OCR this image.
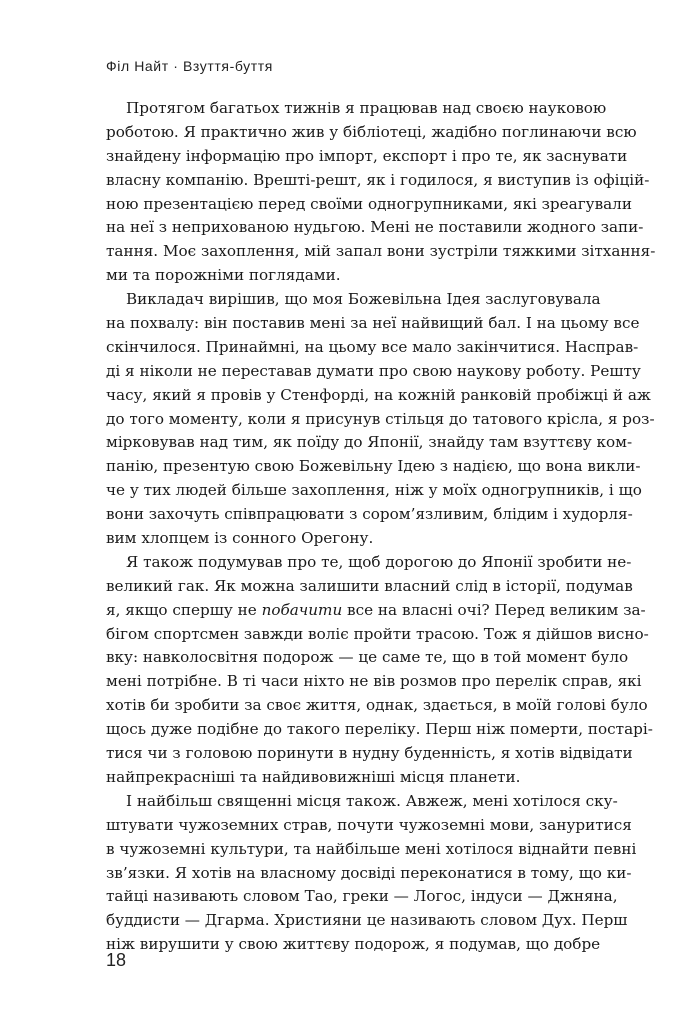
Філ Найт · Взуття-буття
Протягом багатьох тижнів я працював над своєю науковою
роботою. Я практично жив у бібліотеці, жадібно поглинаючи всю
знайдену інформацію про імпорт, експорт і про те, як заснувати
власну компанію. Врешті-решт, як і годилося, я виступив із офіцій-
ною презентацією перед своїми одногрупниками, які зреагували
на неї з неприхованою нудьгою. Мені не поставили жодного запи-
тання. Моє захоплення, мій запал вони зустріли тяжкими зітхання-
ми та порожніми поглядами.
Викладач вирішив, що моя Божевільна Ідея заслуговувала
на похвалу: він поставив мені за неї найвищий бал. І на цьому все
скінчилося. Принаймні, на цьому все мало закінчитися. Насправ-
ді я ніколи не переставав думати про свою наукову роботу. Решту
часу, який я провів у Стенфорді, на кожній ранковій пробіжці й аж
до того моменту, коли я присунув стільця до татового крісла, я роз-
мірковував над тим, як поїду до Японії, знайду там взуттєву ком-
панію, презентую свою Божевільну Ідею з надією, що вона викли-
че у тих людей більше захоплення, ніж у моїх одногрупників, і що
вони захочуть співпрацювати з сором’язливим, блідим і худорля-
вим хлопцем із сонного Орегону.
Я також подумував про те, щоб дорогою до Японії зробити не-
великий гак. Як можна залишити власний слід в історії, подумав
я, якщо спершу не побачити все на власні очі? Перед великим за-
бігом спортсмен завжди воліє пройти трасою. Тож я дійшов висно-
вку: навколосвітня подорож — це саме те, що в той момент було
мені потрібне. В ті часи ніхто не вів розмов про перелік справ, які
хотів би зробити за своє життя, однак, здається, в моїй голові було
щось дуже подібне до такого переліку. Перш ніж померти, постарі-
тися чи з головою поринути в нудну буденність, я хотів відвідати
найпрекрасніші та найдивовижніші місця планети.
І найбільш священні місця також. Авжеж, мені хотілося ску-
штувати чужоземних страв, почути чужоземні мови, зануритися
в чужоземні культури, та найбільше мені хотілося віднайти певні
зв’язки. Я хотів на власному досвіді переконатися в тому, що ки-
тайці називають словом Тао, греки — Логос, індуси — Джняна,
буддисти — Дгарма. Християни це називають словом Дух. Перш
ніж вирушити у свою життєву подорож, я подумав, що добре
18
